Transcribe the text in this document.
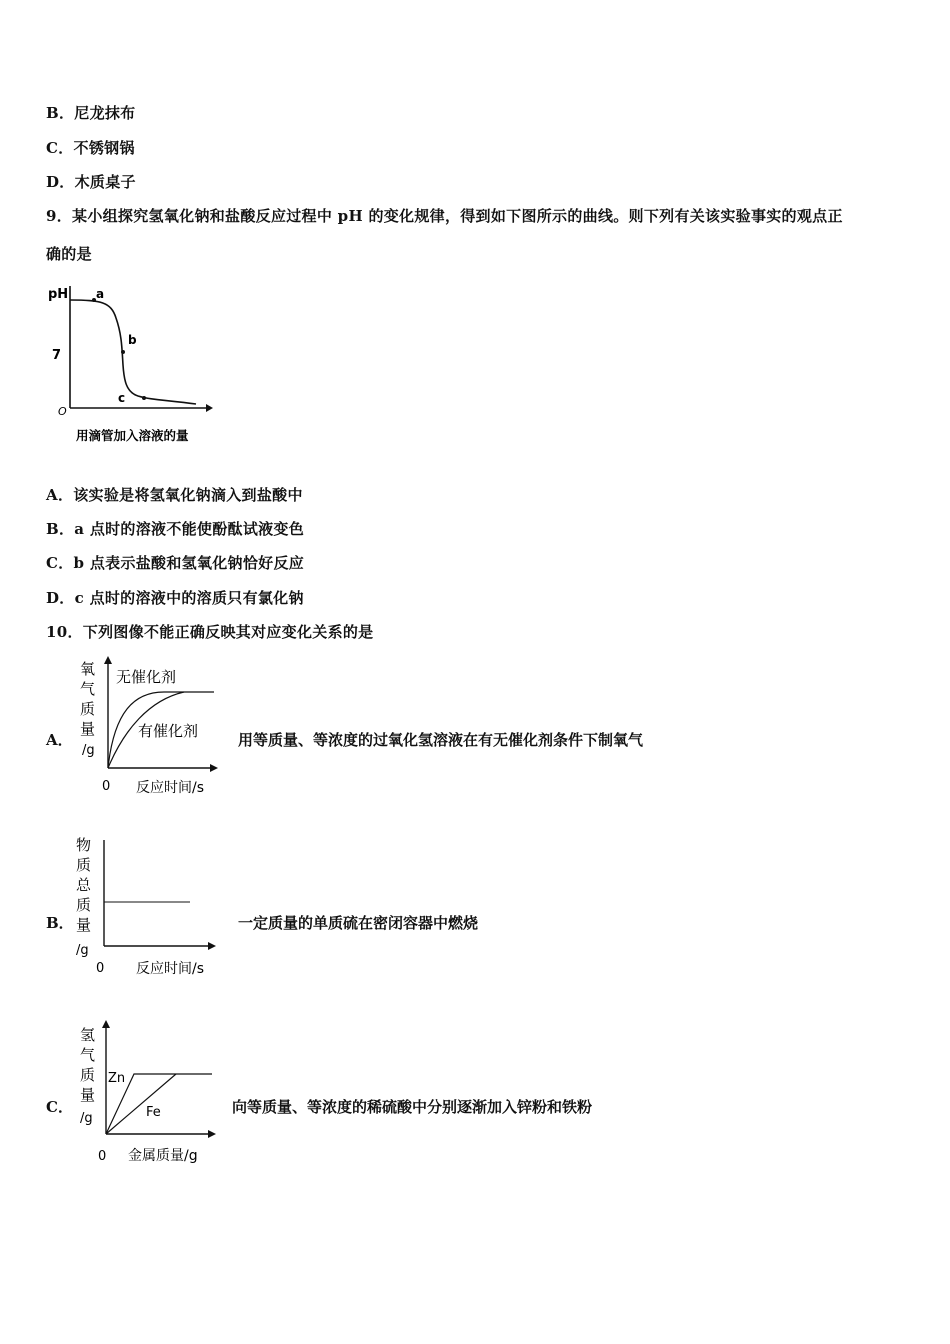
B．尼龙抹布
C．不锈钢锅
D．木质桌子
9．某小组探究氢氧化钠和盐酸反应过程中 pH 的变化规律，得到如下图所示的曲线。则下列有关该实验事实的观点正
确的是
pH
7
O
a
b
c
用滴管加入溶液的量
A．该实验是将氢氧化钠滴入到盐酸中
B．a 点时的溶液不能使酚酞试液变色
C．b 点表示盐酸和氢氧化钠恰好反应
D．c 点时的溶液中的溶质只有氯化钠
10．下列图像不能正确反映其对应变化关系的是
A．
无催化剂
有催化剂
氧
气
质
量
/g
0 反应时间/s
用等质量、等浓度的过氧化氢溶液在有无催化剂条件下制氧气
B．
物
质
总
质
量
/g
0 反应时间/s
一定质量的单质硫在密闭容器中燃烧
C．
Zn
Fe
氢
气
质
量
/g
0 金属质量/g
向等质量、等浓度的稀硫酸中分别逐渐加入锌粉和铁粉
